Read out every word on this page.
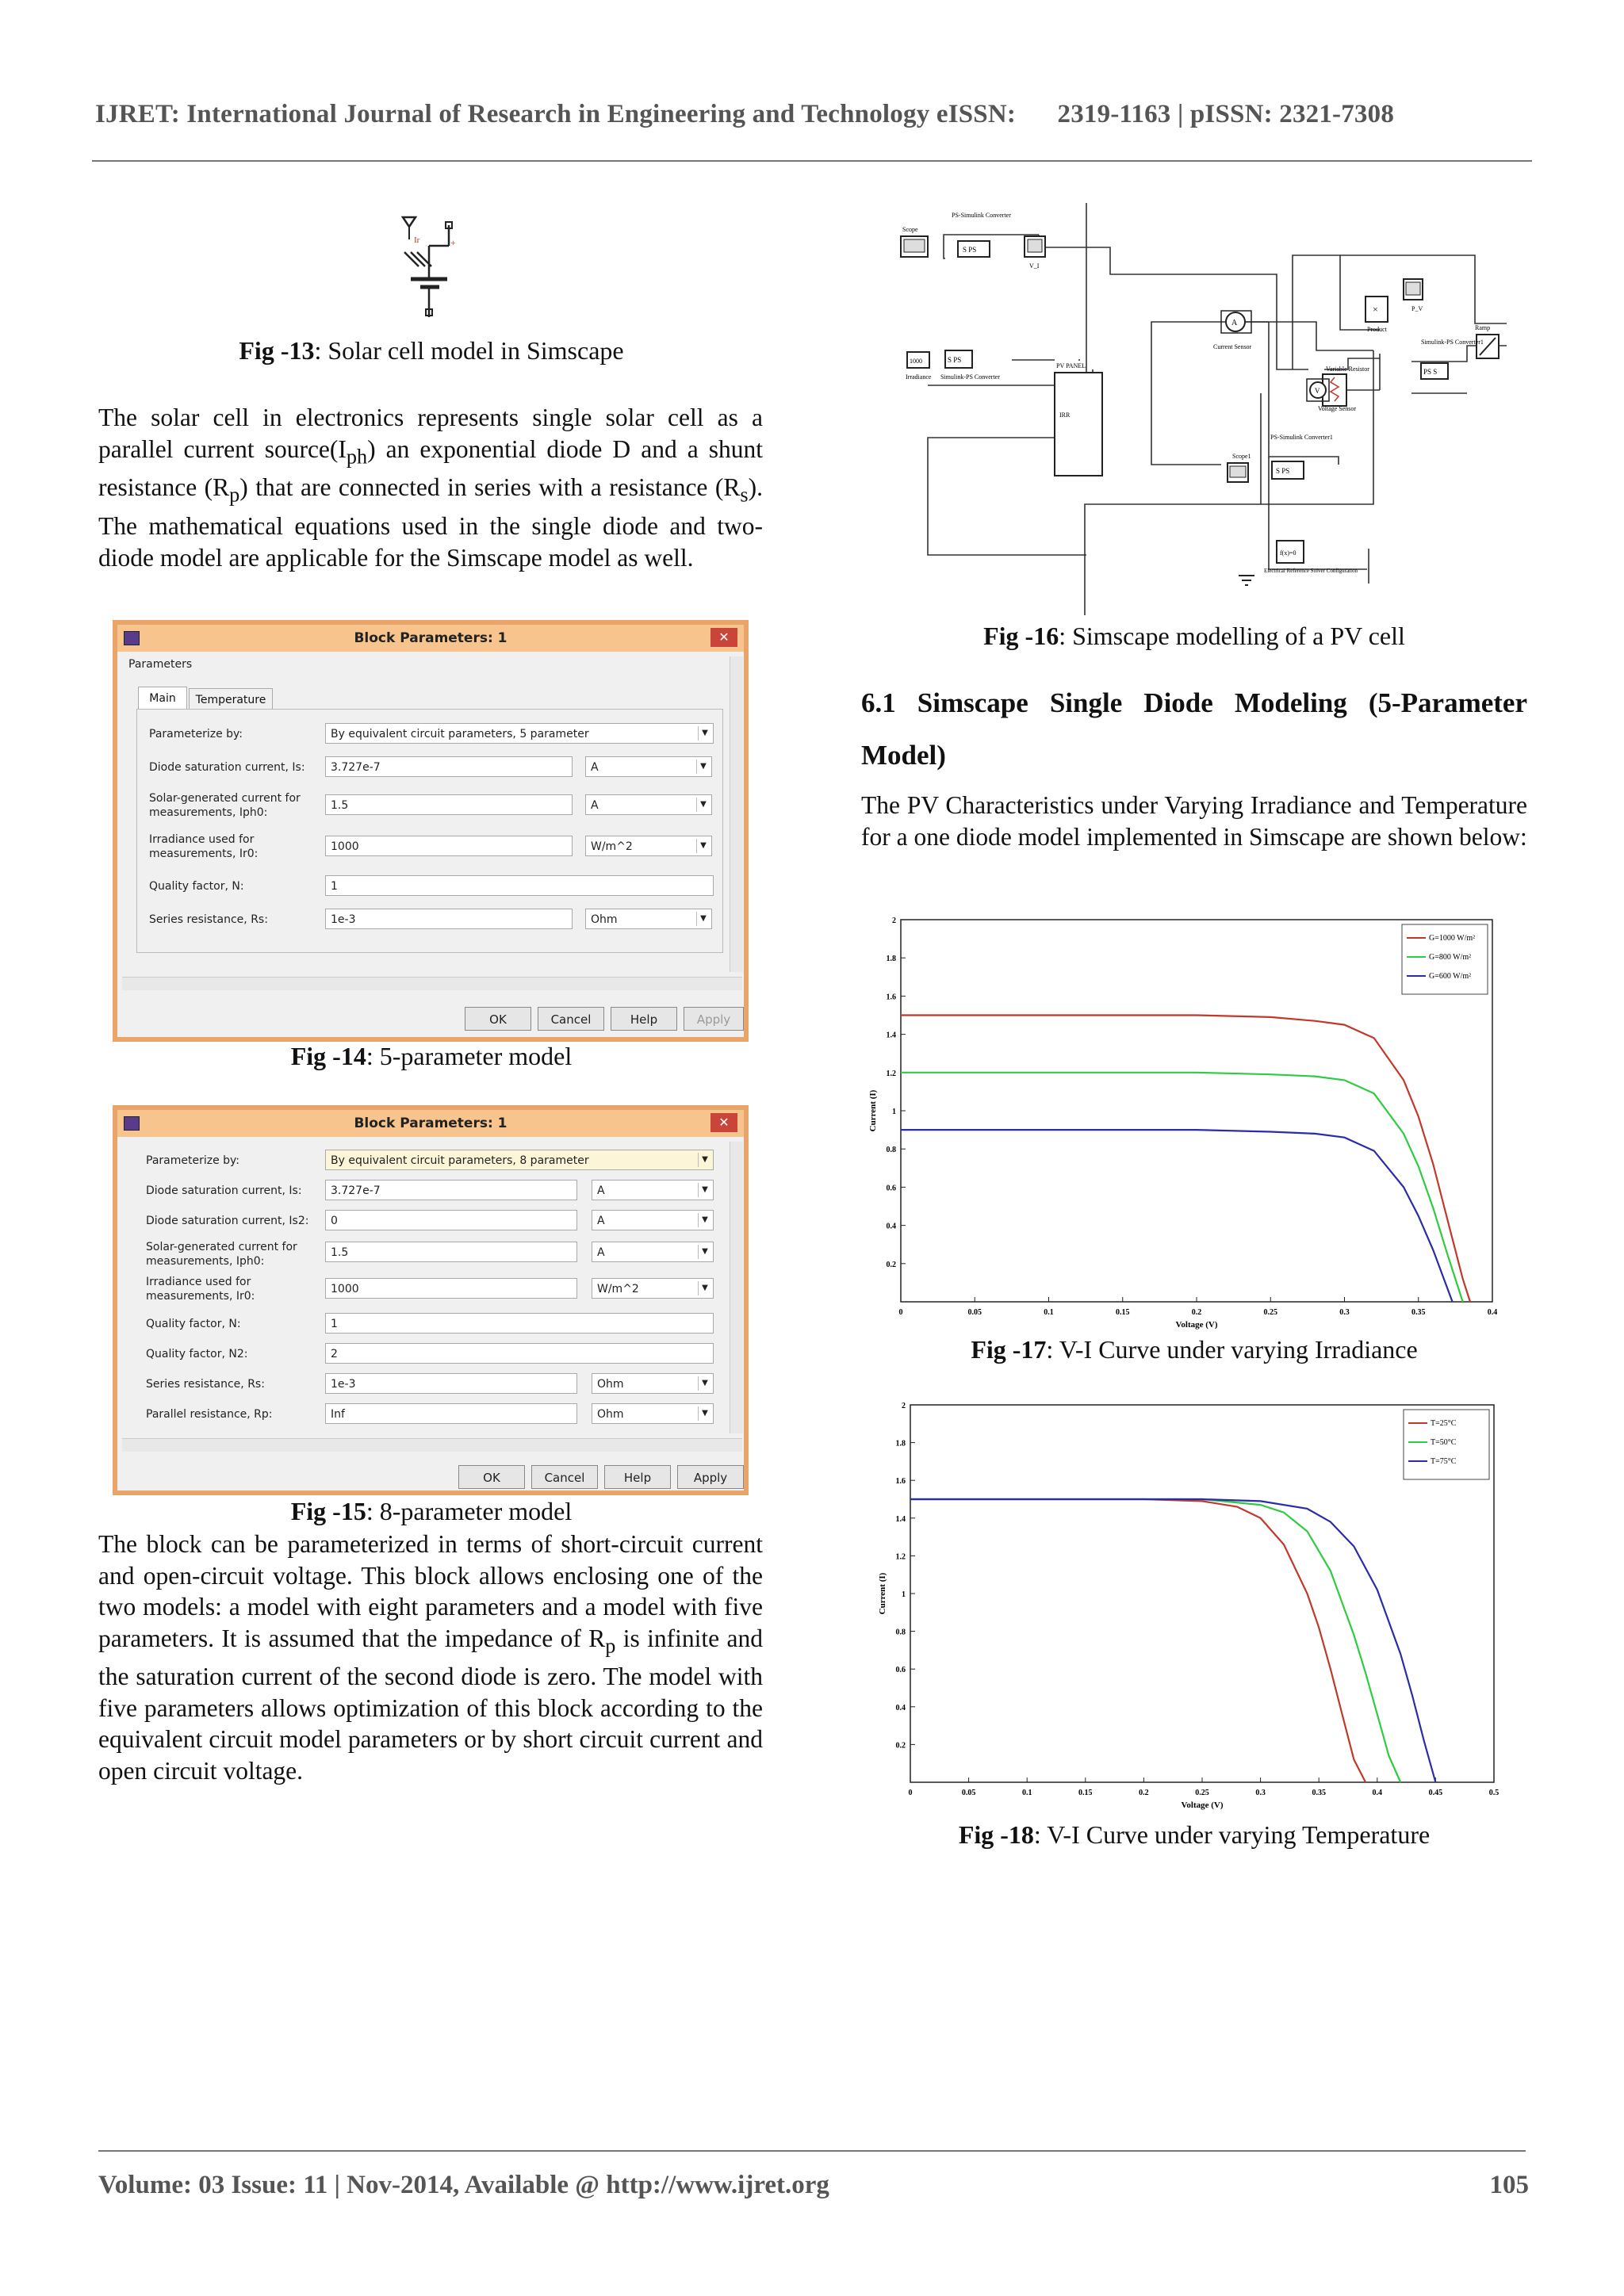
IJRET: International Journal of Research in Engineering and Technology eISSN: 2319-1163 | pISSN: 2321-7308
Ir	+
Fig -13: Solar cell model in Simscape
The solar cell in electronics represents single solar cell as a parallel current $source(I_{ph})$ an exponential diode D and a shunt resistance $(R_p)$ that are connected in series with a resistance $(R_s)$. The mathematical equations used in the single diode and two-diode model are applicable for the Simscape model as well.
Block Parameters: 1	✕
Parameters
Main	Temperature
Parameterize by:	By equivalent circuit parameters, 5 parameter	▼
Diode saturation current, Is:	3.727e-7	A	▼
Solar-generated current for measurements, Iph0:
1.5	A	▼
Irradiance used for measurements, Ir0:
1000	W/m^2	▼
Quality factor, N:	1
Series resistance, Rs:	1e-3	Ohm	▼
OK	Cancel	Help	Apply
Fig -14: 5-parameter model
Block Parameters: 1	✕
Parameterize by:	By equivalent circuit parameters, 8 parameter	▼
Diode saturation current, Is:	3.727e-7	A	▼
Diode saturation current, Is2:	0	A	▼
Solar-generated current for measurements, Iph0:
1.5	A	▼
Irradiance used for measurements, Ir0:
1000	W/m^2	▼
Quality factor, N:	1
Quality factor, N2:	2
Series resistance, Rs:	1e-3	Ohm	▼
Parallel resistance, Rp:	Inf	Ohm	▼
OK	Cancel	Help	Apply
Fig -15: 8-parameter model
The block can be parameterized in terms of short-circuit current and open-circuit voltage. This block allows enclosing one of the two models: a model with eight parameters and a model with five parameters. It is assumed that the impedance of $R_p$ is infinite and the saturation current of the second diode is zero. The model with five parameters allows optimization of this block according to the equivalent circuit model parameters or by short circuit current and open circuit voltage.
Scope
S PS
PS-Simulink Converter
V_I
P_V
×
Product	Ramp
PS S
Simulink-PS Converter1
A
Current Sensor
1000
Irradiance
S PS
Simulink-PS Converter
PV PANEL
IRR
Variable Resistor
V
Voltage Sensor
Scope1
S PS
PS-Simulink Converter1
f(x)=0
Electrical Reference Solver Configuration
Fig -16: Simscape modelling of a PV cell
6.1 Simscape Single Diode Modeling (5-Parameter Model)
The PV Characteristics under Varying Irradiance and Temperature for a one diode model implemented in Simscape are shown below:
0	0.05	0.1	0.15	0.2	0.25	0.3	0.35	0.4
0.2
0.4
0.6
0.8
1
1.2
1.4
1.6
1.8
2
Voltage (V)
Current (I)
G=1000 W/m²
G=800 W/m²
G=600 W/m²
Fig -17: V-I Curve under varying Irradiance
0	0.05	0.1	0.15	0.2	0.25	0.3	0.35	0.4	0.45	0.5
0.2
0.4
0.6
0.8
1
1.2
1.4
1.6
1.8
2
Voltage (V)
Current (I)
T=25°C
T=50°C
T=75°C
Fig -18: V-I Curve under varying Temperature
Volume: 03 Issue: 11 | Nov-2014, Available @ http://www.ijret.org	105
